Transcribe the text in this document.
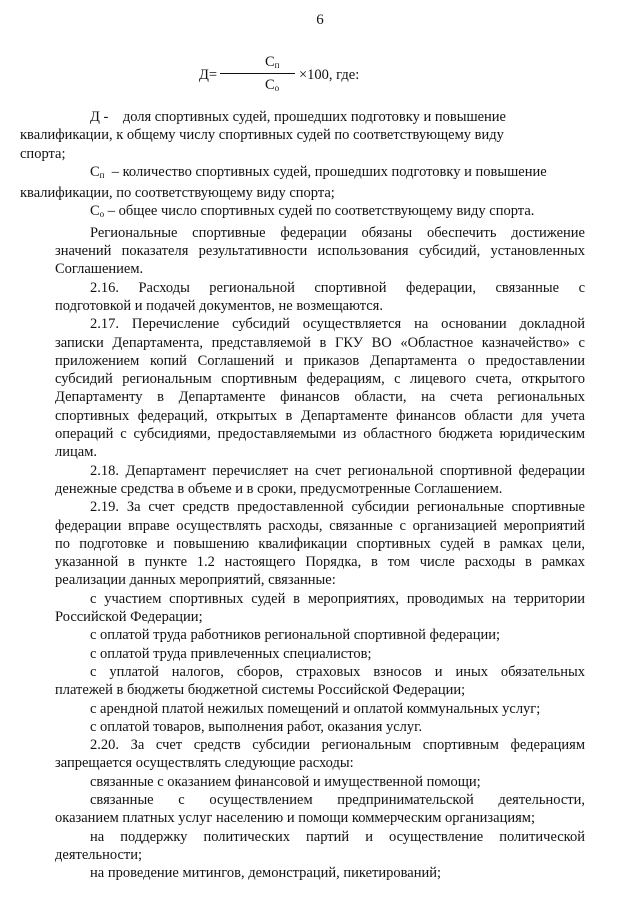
6
Д=
$С_п$
$С_о$
×100, где:

Д -    доля спортивных судей, прошедших подготовку и повышение
квалификации, к общему числу спортивных судей по соответствующему виду
спорта;

$С_п$  – количество спортивных судей, прошедших подготовку и повышение
квалификации, по соответствующему виду спорта;

$С_о$ – общее число спортивных судей по соответствующему виду спорта.

Региональные спортивные федерации обязаны обеспечить достижение
значений показателя результативности использования субсидий, установленных
Соглашением.
2.16. Расходы региональной спортивной федерации, связанные с
подготовкой и подачей документов, не возмещаются.
2.17. Перечисление субсидий осуществляется на основании докладной
записки Департамента, представляемой в ГКУ ВО «Областное казначейство» с
приложением копий Соглашений и приказов Департамента о предоставлении
субсидий региональным спортивным федерациям, с лицевого счета, открытого
Департаменту в Департаменте финансов области, на счета региональных
спортивных федераций, открытых в Департаменте финансов области для учета
операций с субсидиями, предоставляемыми из областного бюджета юридическим
лицам.
2.18. Департамент перечисляет на счет региональной спортивной федерации
денежные средства в объеме и в сроки, предусмотренные Соглашением.
2.19. За счет средств предоставленной субсидии региональные спортивные
федерации вправе осуществлять расходы, связанные с организацией мероприятий
по подготовке и повышению квалификации спортивных судей в рамках цели,
указанной в пункте 1.2 настоящего Порядка, в том числе расходы в рамках
реализации данных мероприятий, связанные:
с участием спортивных судей в мероприятиях, проводимых на территории
Российской Федерации;
с оплатой труда работников региональной спортивной федерации;
с оплатой труда привлеченных специалистов;
с уплатой налогов, сборов, страховых взносов и иных обязательных
платежей в бюджеты бюджетной системы Российской Федерации;
с арендной платой нежилых помещений и оплатой коммунальных услуг;
с оплатой товаров, выполнения работ, оказания услуг.
2.20. За счет средств субсидии региональным спортивным федерациям
запрещается осуществлять следующие расходы:
связанные с оказанием финансовой и имущественной помощи;
связанные с осуществлением предпринимательской деятельности,
оказанием платных услуг населению и помощи коммерческим организациям;
на поддержку политических партий и осуществление политической
деятельности;
на проведение митингов, демонстраций, пикетирований;
